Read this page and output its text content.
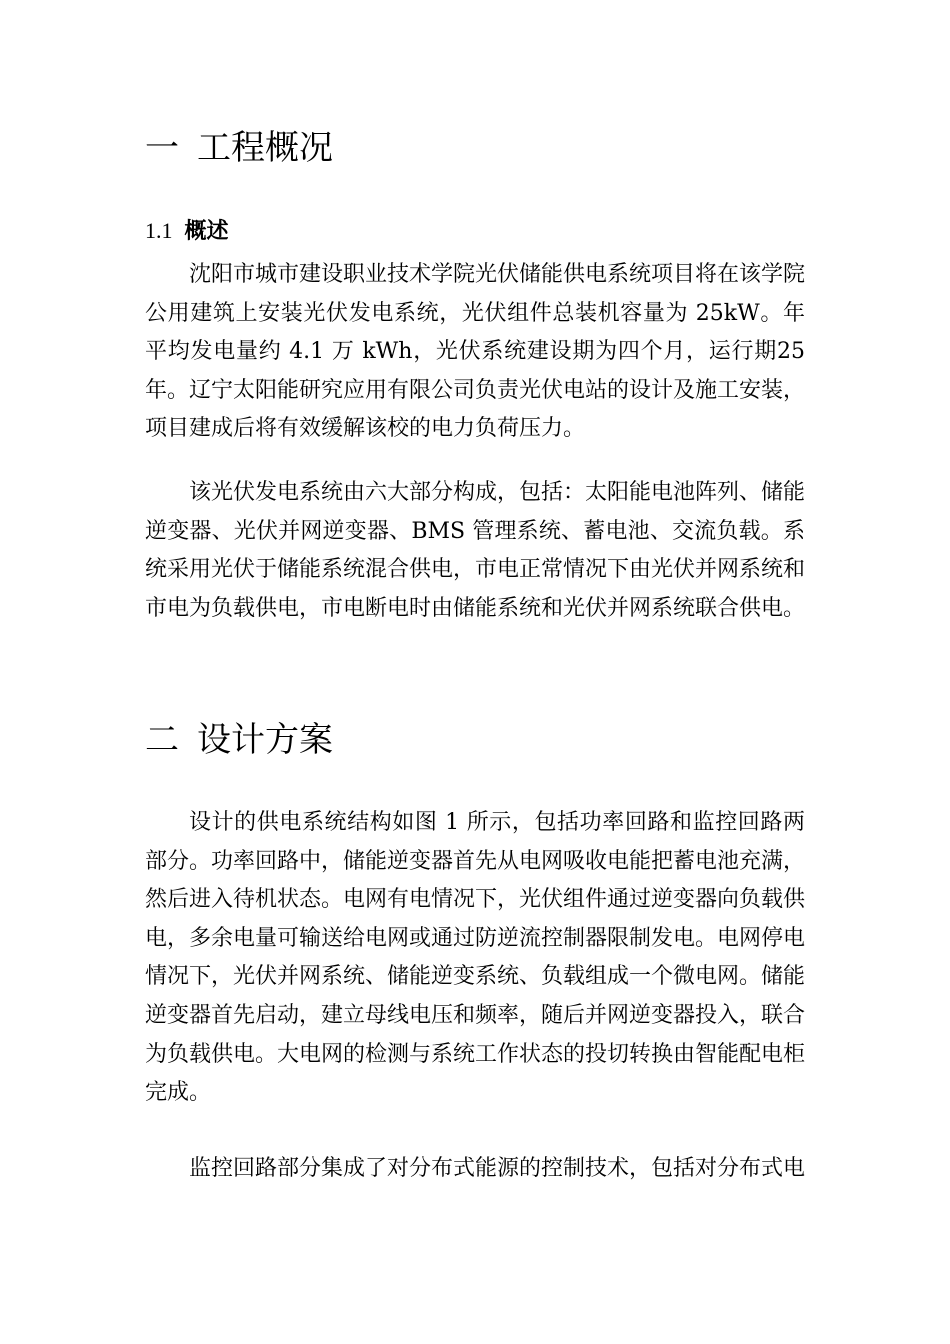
一 工程概况
1.1 概述

沈阳市城市建设职业技术学院光伏储能供电系统项目将在该学院公用建筑上安装光伏发电系统，光伏组件总装机容量为 25kW。年平均发电量约 4.1 万 kWh，光伏系统建设期为四个月，运行期25 年。辽宁太阳能研究应用有限公司负责光伏电站的设计及施工安装，项目建成后将有效缓解该校的电力负荷压力。

该光伏发电系统由六大部分构成，包括：太阳能电池阵列、储能逆变器、光伏并网逆变器、BMS 管理系统、蓄电池、交流负载。系统采用光伏于储能系统混合供电，市电正常情况下由光伏并网系统和市电为负载供电，市电断电时由储能系统和光伏并网系统联合供电。

二 设计方案

设计的供电系统结构如图 1 所示，包括功率回路和监控回路两部分。功率回路中，储能逆变器首先从电网吸收电能把蓄电池充满，然后进入待机状态。电网有电情况下，光伏组件通过逆变器向负载供电，多余电量可输送给电网或通过防逆流控制器限制发电。电网停电情况下，光伏并网系统、储能逆变系统、负载组成一个微电网。储能逆变器首先启动，建立母线电压和频率，随后并网逆变器投入，联合为负载供电。大电网的检测与系统工作状态的投切转换由智能配电柜完成。

监控回路部分集成了对分布式能源的控制技术，包括对分布式电
